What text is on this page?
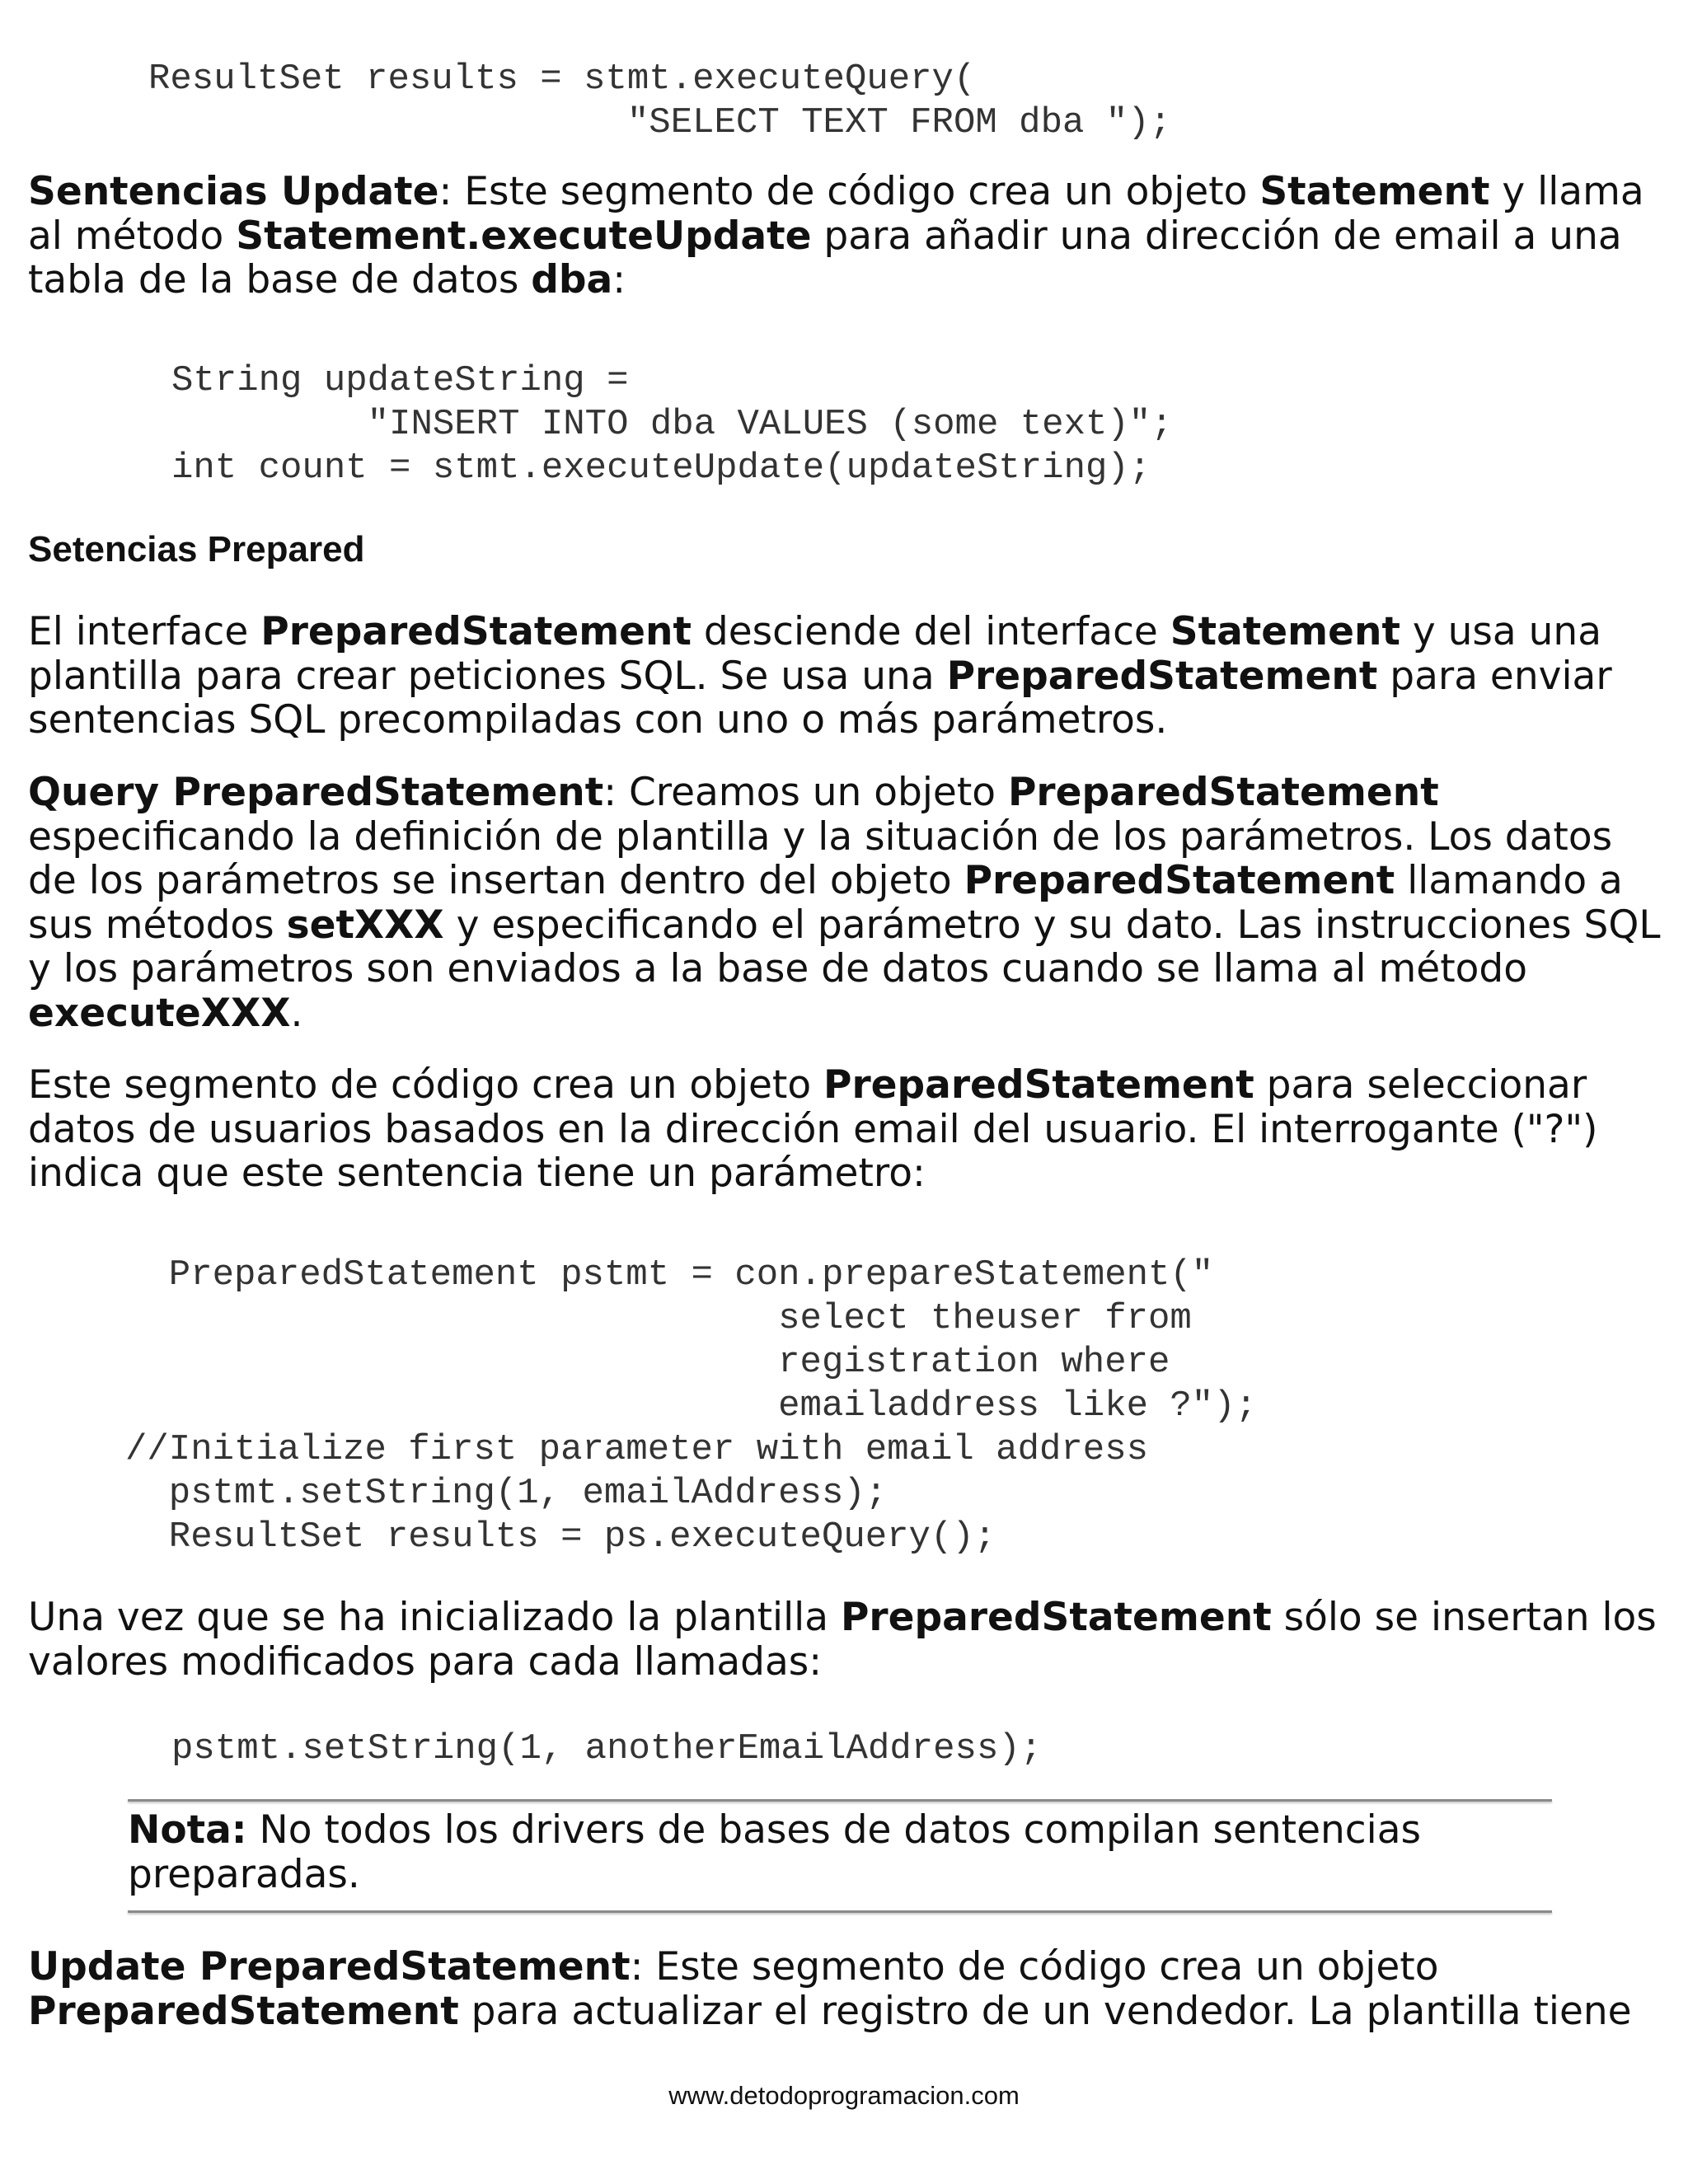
ResultSet results = stmt.executeQuery(
"SELECT TEXT FROM dba ");
Sentencias Update: Este segmento de código crea un objeto Statement y llama
al método Statement.executeUpdate para añadir una dirección de email a una
tabla de la base de datos dba:
String updateString =
"INSERT INTO dba VALUES (some text)";
int count = stmt.executeUpdate(updateString);
Setencias Prepared
El interface PreparedStatement desciende del interface Statement y usa una
plantilla para crear peticiones SQL. Se usa una PreparedStatement para enviar
sentencias SQL precompiladas con uno o más parámetros.
Query PreparedStatement: Creamos un objeto PreparedStatement
especificando la definición de plantilla y la situación de los parámetros. Los datos
de los parámetros se insertan dentro del objeto PreparedStatement llamando a
sus métodos setXXX y especificando el parámetro y su dato. Las instrucciones SQL
y los parámetros son enviados a la base de datos cuando se llama al método
executeXXX.
Este segmento de código crea un objeto PreparedStatement para seleccionar
datos de usuarios basados en la dirección email del usuario. El interrogante ("?")
indica que este sentencia tiene un parámetro:
PreparedStatement pstmt = con.prepareStatement("
select theuser from
registration where
emailaddress like ?");
//Initialize first parameter with email address
pstmt.setString(1, emailAddress);
ResultSet results = ps.executeQuery();
Una vez que se ha inicializado la plantilla PreparedStatement sólo se insertan los
valores modificados para cada llamadas:
pstmt.setString(1, anotherEmailAddress);
Nota: No todos los drivers de bases de datos compilan sentencias
preparadas.
Update PreparedStatement: Este segmento de código crea un objeto
PreparedStatement para actualizar el registro de un vendedor. La plantilla tiene
www.detodoprogramacion.com
